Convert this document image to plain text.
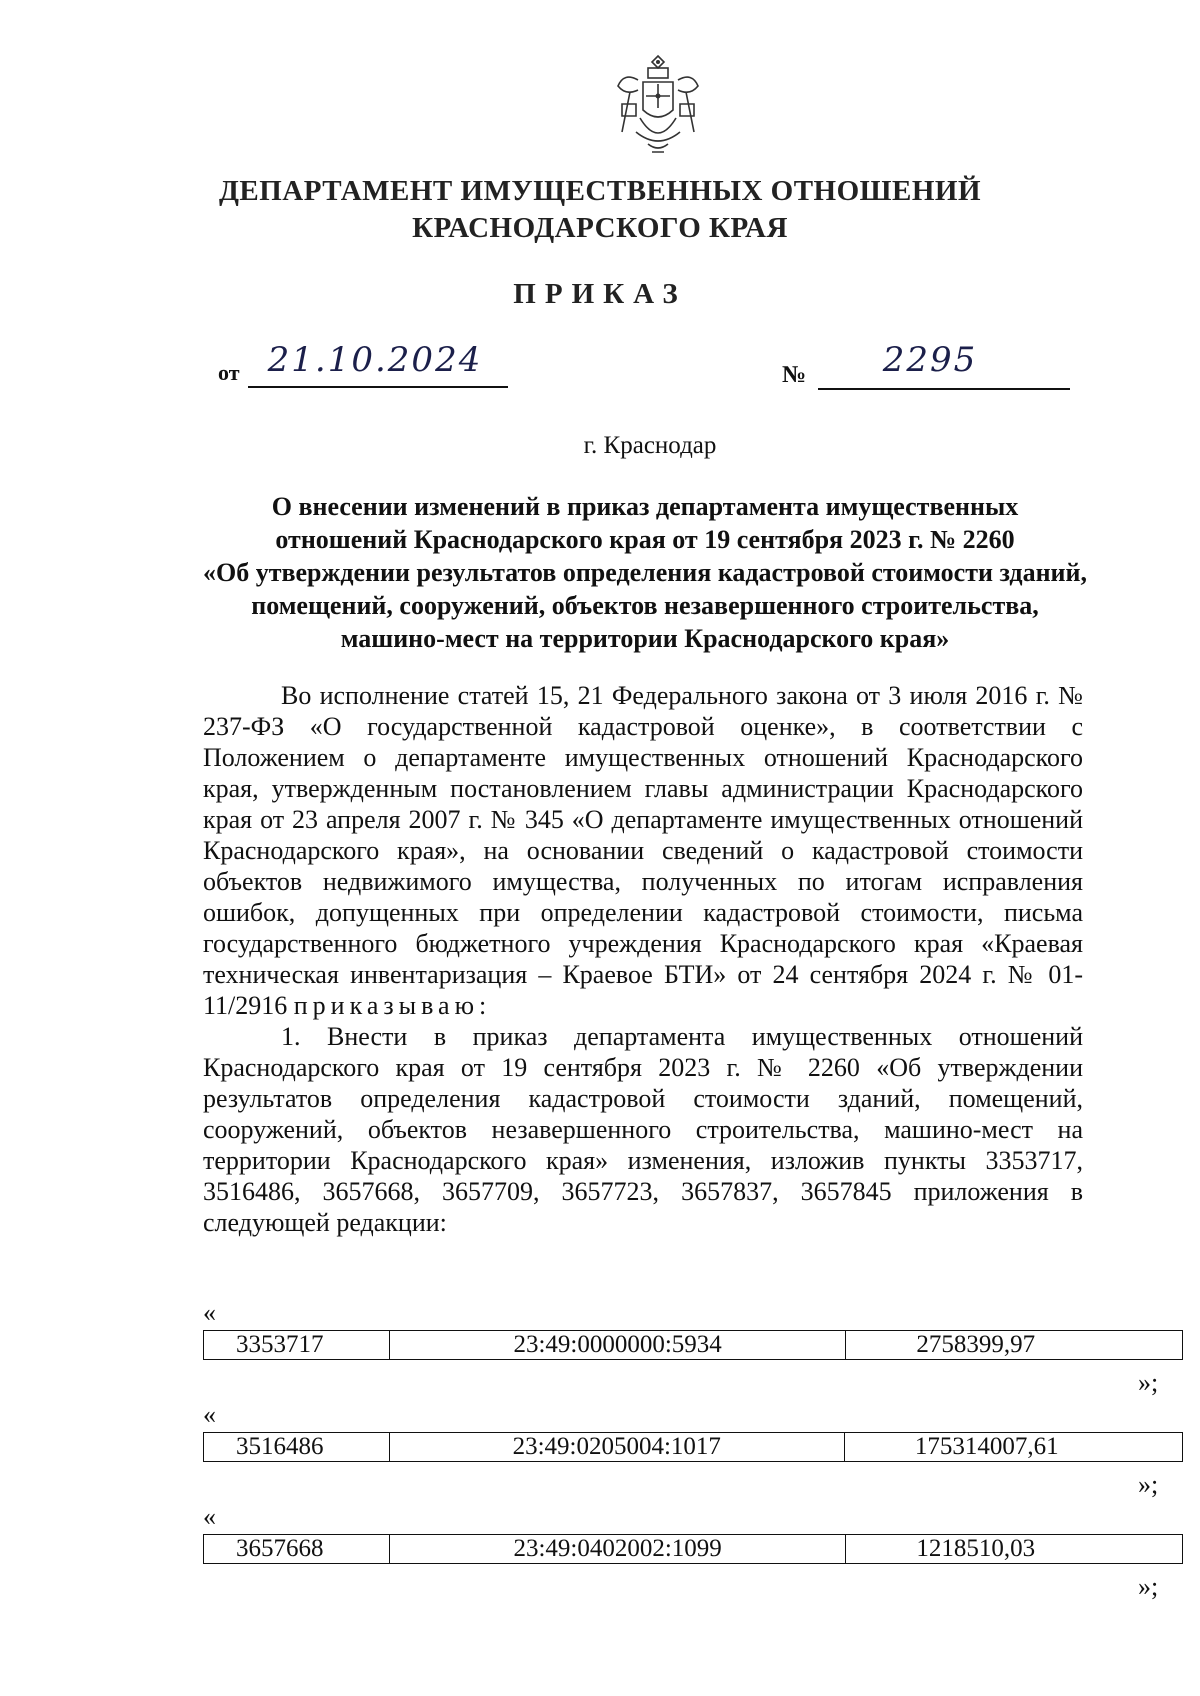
ДЕПАРТАМЕНТ ИМУЩЕСТВЕННЫХ ОТНОШЕНИЙ
КРАСНОДАРСКОГО КРАЯ
ПРИКАЗ
от 21.10.2024	№	2295
г. Краснодар
О внесении изменений в приказ департамента имущественных
отношений Краснодарского края от 19 сентября 2023 г. № 2260
«Об утверждении результатов определения кадастровой стоимости зданий,
помещений, сооружений, объектов незавершенного строительства,
машино-мест на территории Краснодарского края»

Во исполнение статей 15, 21 Федерального закона от 3 июля 2016 г. № 237-ФЗ «О государственной кадастровой оценке», в соответствии с Положением о департаменте имущественных отношений Краснодарского края, утвержденным постановлением главы администрации Краснодарского края от 23 апреля 2007 г. № 345 «О департаменте имущественных отношений Краснодарского края», на основании сведений о кадастровой стоимости объектов недвижимого имущества, полученных по итогам исправления ошибок, допущенных при определении кадастровой стоимости, письма государственного бюджетного учреждения Краснодарского края «Краевая техническая инвентаризация – Краевое БТИ» от 24 сентября 2024 г. № 01-11/2916 приказываю:

1. Внести в приказ департамента имущественных отношений Краснодарского края от 19 сентября 2023 г. № 2260 «Об утверждении результатов определения кадастровой стоимости зданий, помещений, сооружений, объектов незавершенного строительства, машино-мест на территории Краснодарского края» изменения, изложив пункты 3353717, 3516486, 3657668, 3657709, 3657723, 3657837, 3657845 приложения в следующей редакции:

«
3353717	23:49:0000000:5934	2758399,97
»;
«
3516486	23:49:0205004:1017	175314007,61
»;
«
3657668	23:49:0402002:1099	1218510,03
»;
